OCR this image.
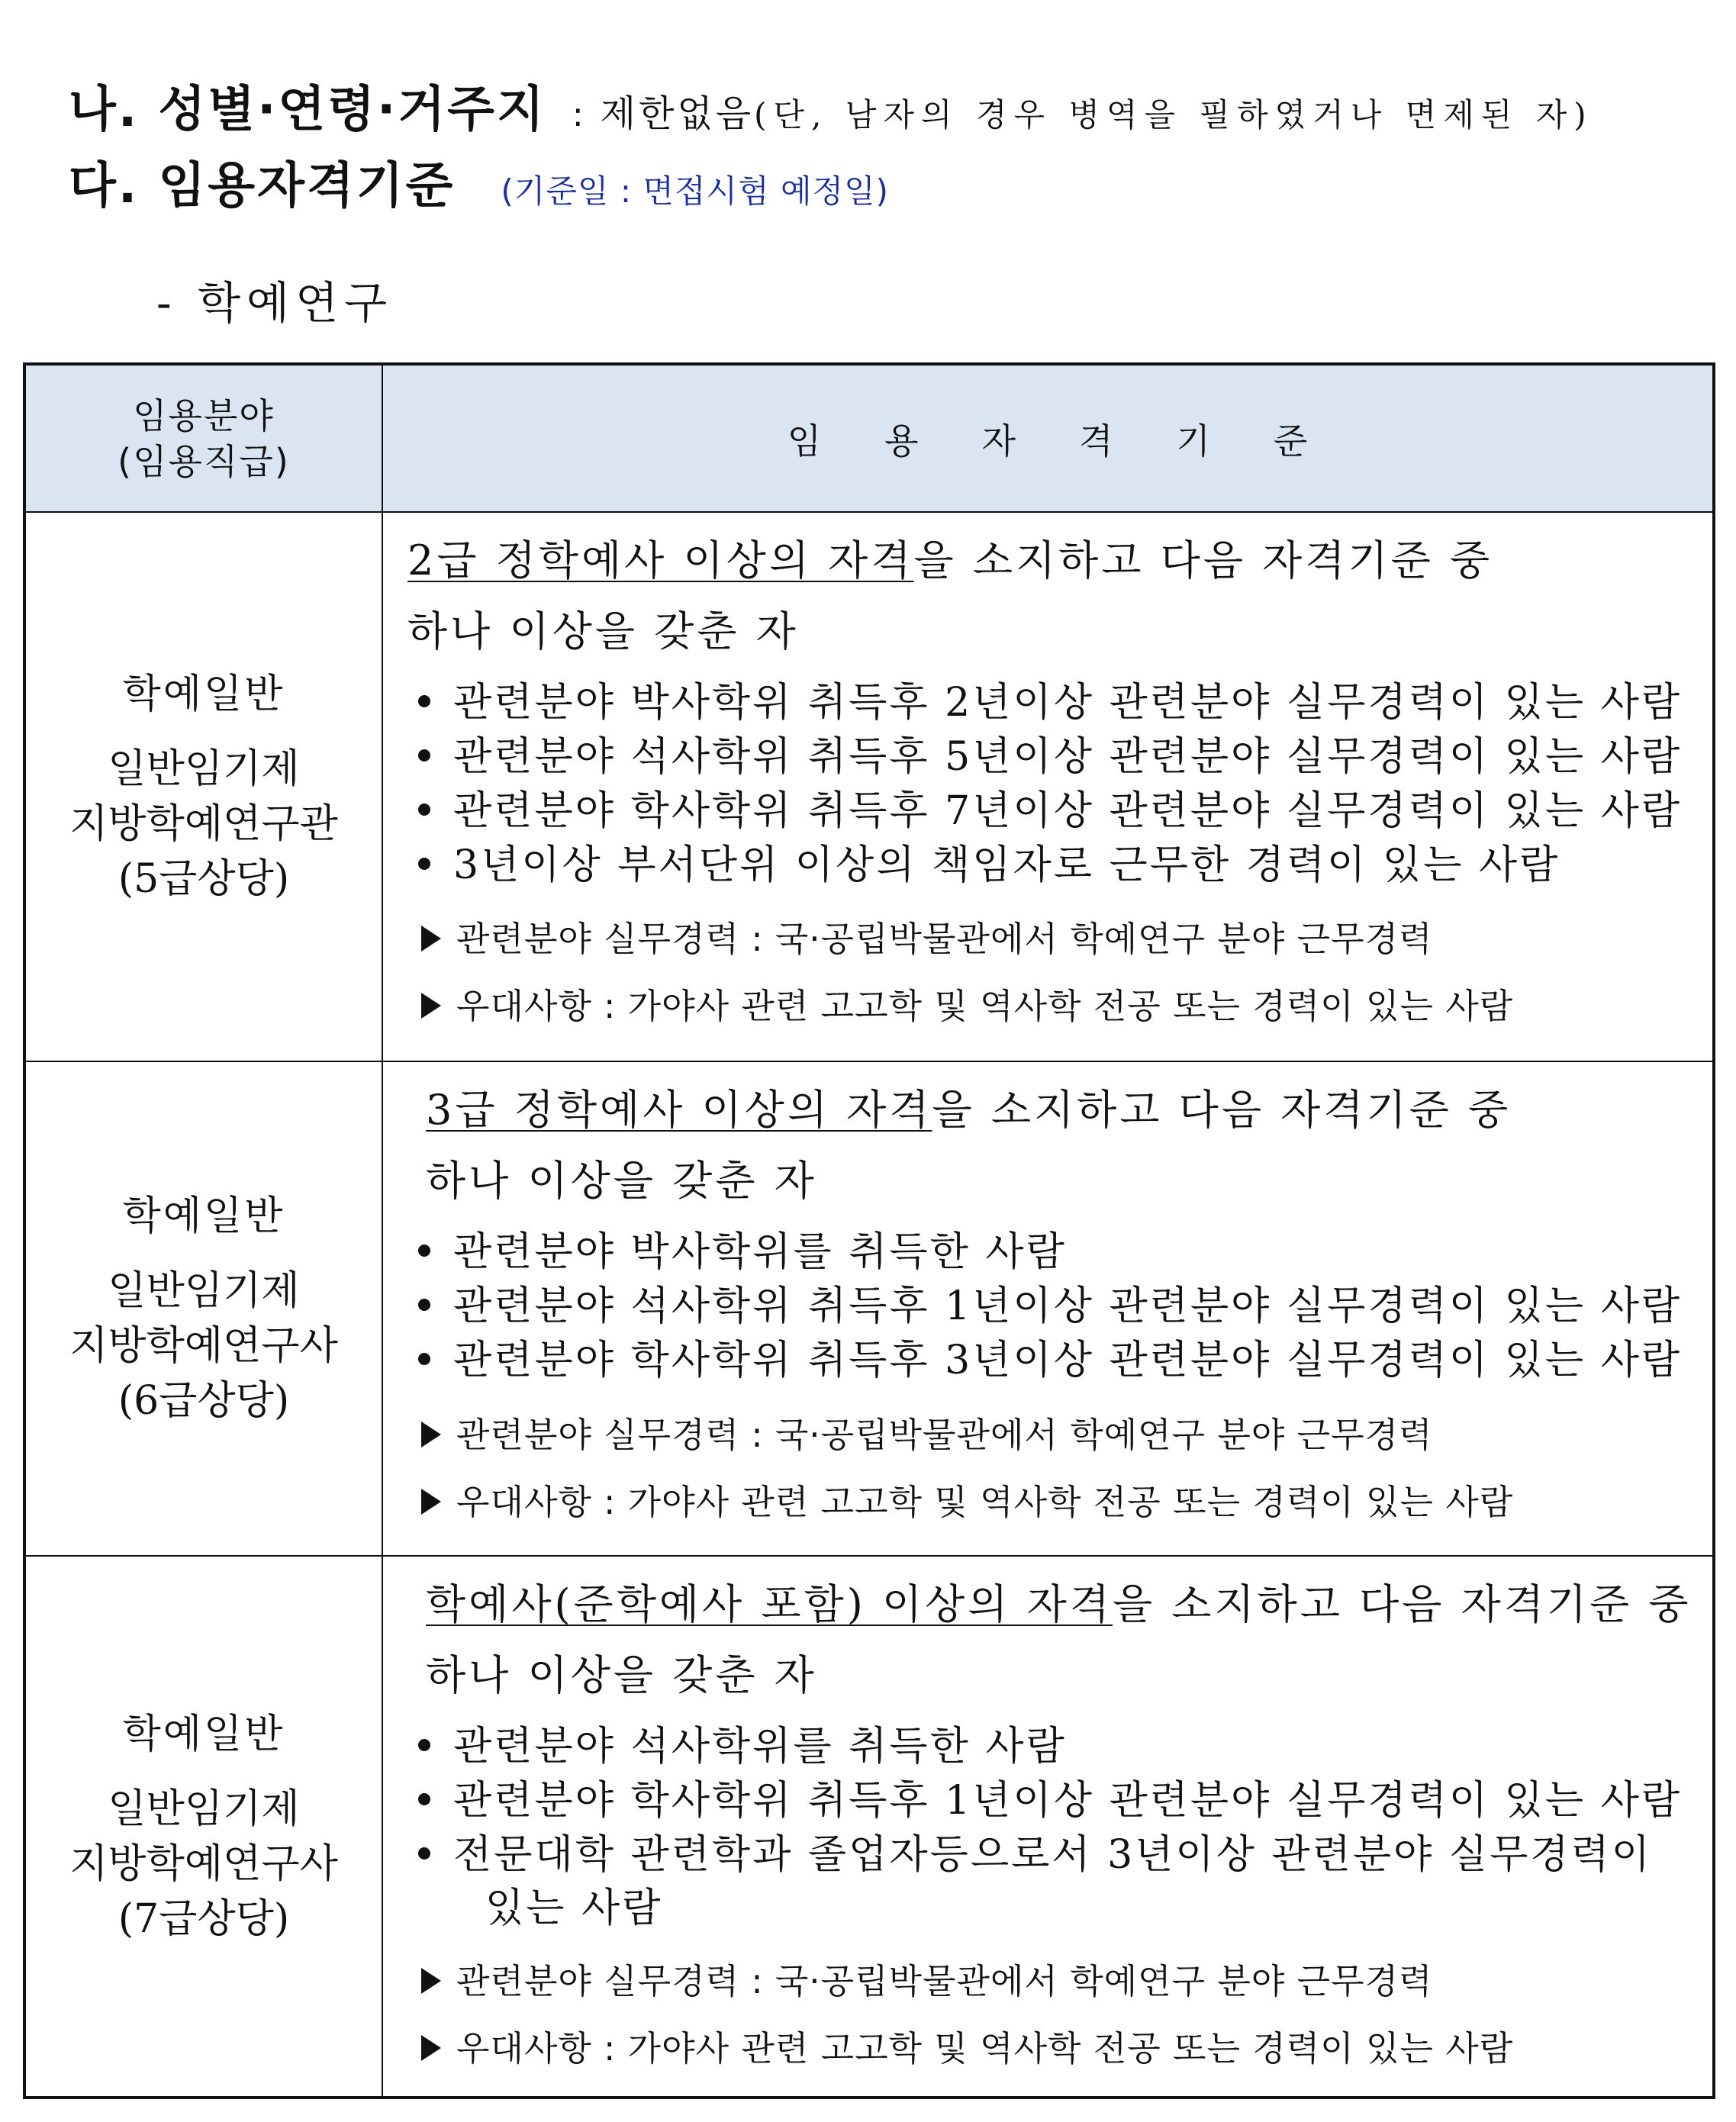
나. 성별·연령·거주지 : 제한없음(단, 남자의 경우 병역을 필하였거나 면제된 자)
다. 임용자격기준 (기준일 : 면접시험 예정일)
- 학예연구
임용분야
(임용직급)	임 용 자 격 기 준
학예일반
일반임기제
지방학예연구관
(5급상당)
2급 정학예사 이상의 자격을 소지하고 다음 자격기준 중
하나 이상을 갖춘 자
관련분야 박사학위 취득후 2년이상 관련분야 실무경력이 있는 사람
관련분야 석사학위 취득후 5년이상 관련분야 실무경력이 있는 사람
관련분야 학사학위 취득후 7년이상 관련분야 실무경력이 있는 사람
3년이상 부서단위 이상의 책임자로 근무한 경력이 있는 사람
관련분야 실무경력 : 국·공립박물관에서 학예연구 분야 근무경력
우대사항 : 가야사 관련 고고학 및 역사학 전공 또는 경력이 있는 사람
학예일반
일반임기제
지방학예연구사
(6급상당)
3급 정학예사 이상의 자격을 소지하고 다음 자격기준 중
하나 이상을 갖춘 자
관련분야 박사학위를 취득한 사람
관련분야 석사학위 취득후 1년이상 관련분야 실무경력이 있는 사람
관련분야 학사학위 취득후 3년이상 관련분야 실무경력이 있는 사람
관련분야 실무경력 : 국·공립박물관에서 학예연구 분야 근무경력
우대사항 : 가야사 관련 고고학 및 역사학 전공 또는 경력이 있는 사람
학예일반
일반임기제
지방학예연구사
(7급상당)
학예사(준학예사 포함) 이상의 자격을 소지하고 다음 자격기준 중
하나 이상을 갖춘 자
관련분야 석사학위를 취득한 사람
관련분야 학사학위 취득후 1년이상 관련분야 실무경력이 있는 사람
전문대학 관련학과 졸업자등으로서 3년이상 관련분야 실무경력이
있는 사람
관련분야 실무경력 : 국·공립박물관에서 학예연구 분야 근무경력
우대사항 : 가야사 관련 고고학 및 역사학 전공 또는 경력이 있는 사람
